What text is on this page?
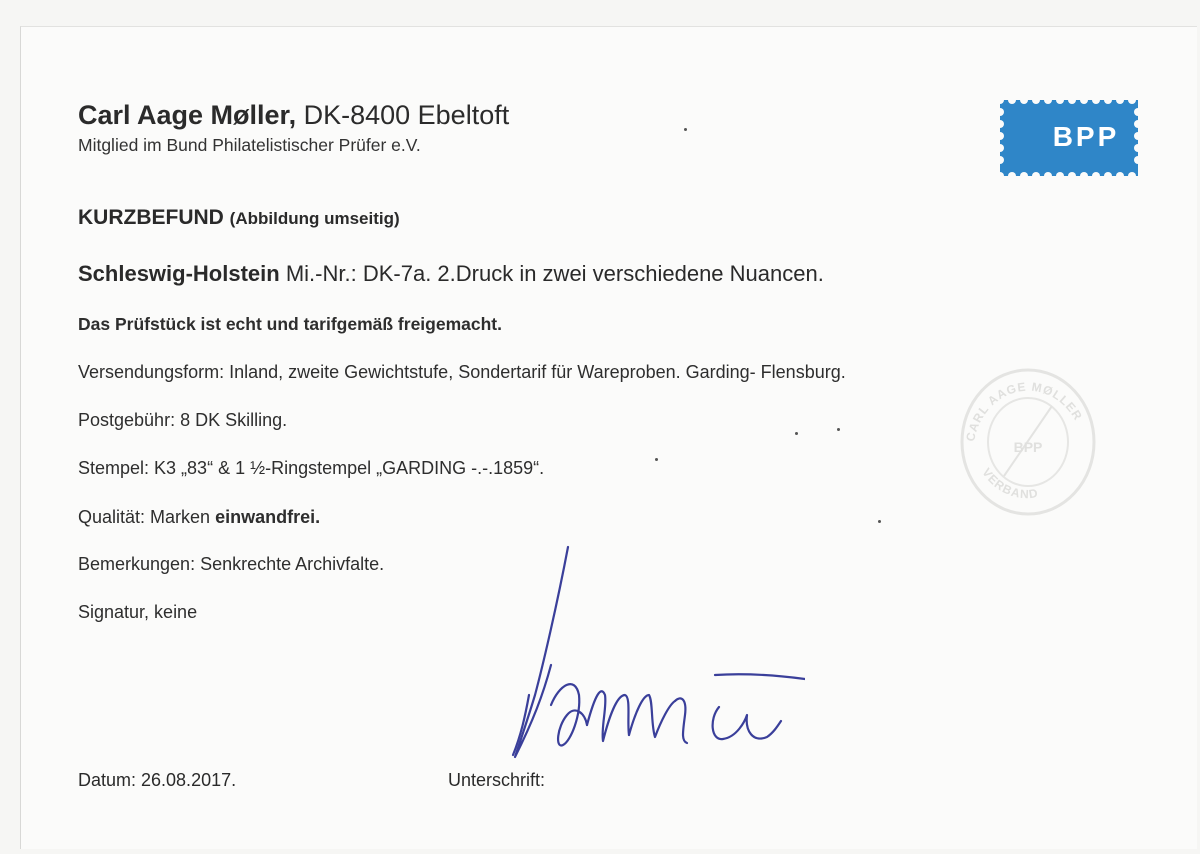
Carl Aage Møller, DK-8400 Ebeltoft
Mitglied im Bund Philatelistischer Prüfer e.V.	BPP
KURZBEFUND (Abbildung umseitig)
Schleswig-Holstein Mi.-Nr.: DK-7a. 2.Druck in zwei verschiedene Nuancen.
Das Prüfstück ist echt und tarifgemäß freigemacht.
Versendungsform: Inland, zweite Gewichtstufe, Sondertarif für Wareproben. Garding- Flensburg.
Postgebühr: 8 DK Skilling.
Stempel: K3 „83“ & 1 ½-Ringstempel „GARDING -.-.1859“.
Qualität: Marken einwandfrei.
Bemerkungen: Senkrechte Archivfalte.
Signatur, keine
CARL AAGE MØLLER
BPP
VERBAND
Datum: 26.08.2017.	Unterschrift:
